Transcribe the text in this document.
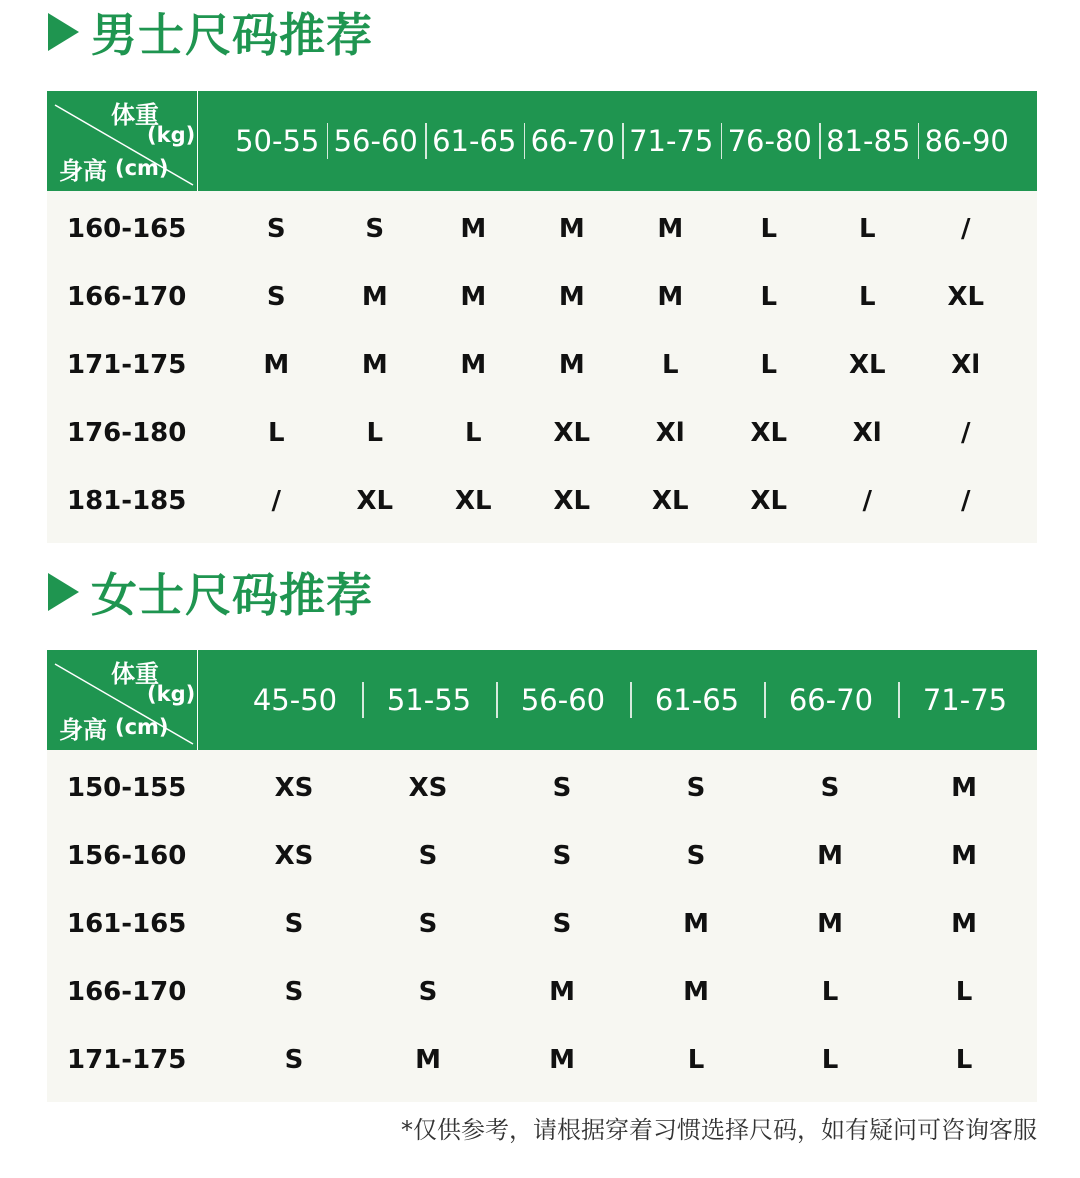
男士尺码推荐
体重
(kg)
身高 (cm)
50-55 56-60 61-65 66-70 71-75 76-80 81-85 86-90
160-165	S	S	M	M	M	L	L	/
166-170	S	M	M	M	M	L	L	XL
171-175	M	M	M	M	L	L	XL	Xl
176-180	L	L	L	XL	Xl	XL	Xl	/
181-185	/	XL	XL	XL	XL	XL	/	/
女士尺码推荐
体重
(kg)
身高 (cm)
45-50	51-55	56-60	61-65	66-70	71-75
150-155	XS	XS	S	S	S	M
156-160	XS	S	S	S	M	M
161-165	S	S	S	M	M	M
166-170	S	S	M	M	L	L
171-175	S	M	M	L	L	L
*仅供参考，请根据穿着习惯选择尺码，如有疑问可咨询客服
